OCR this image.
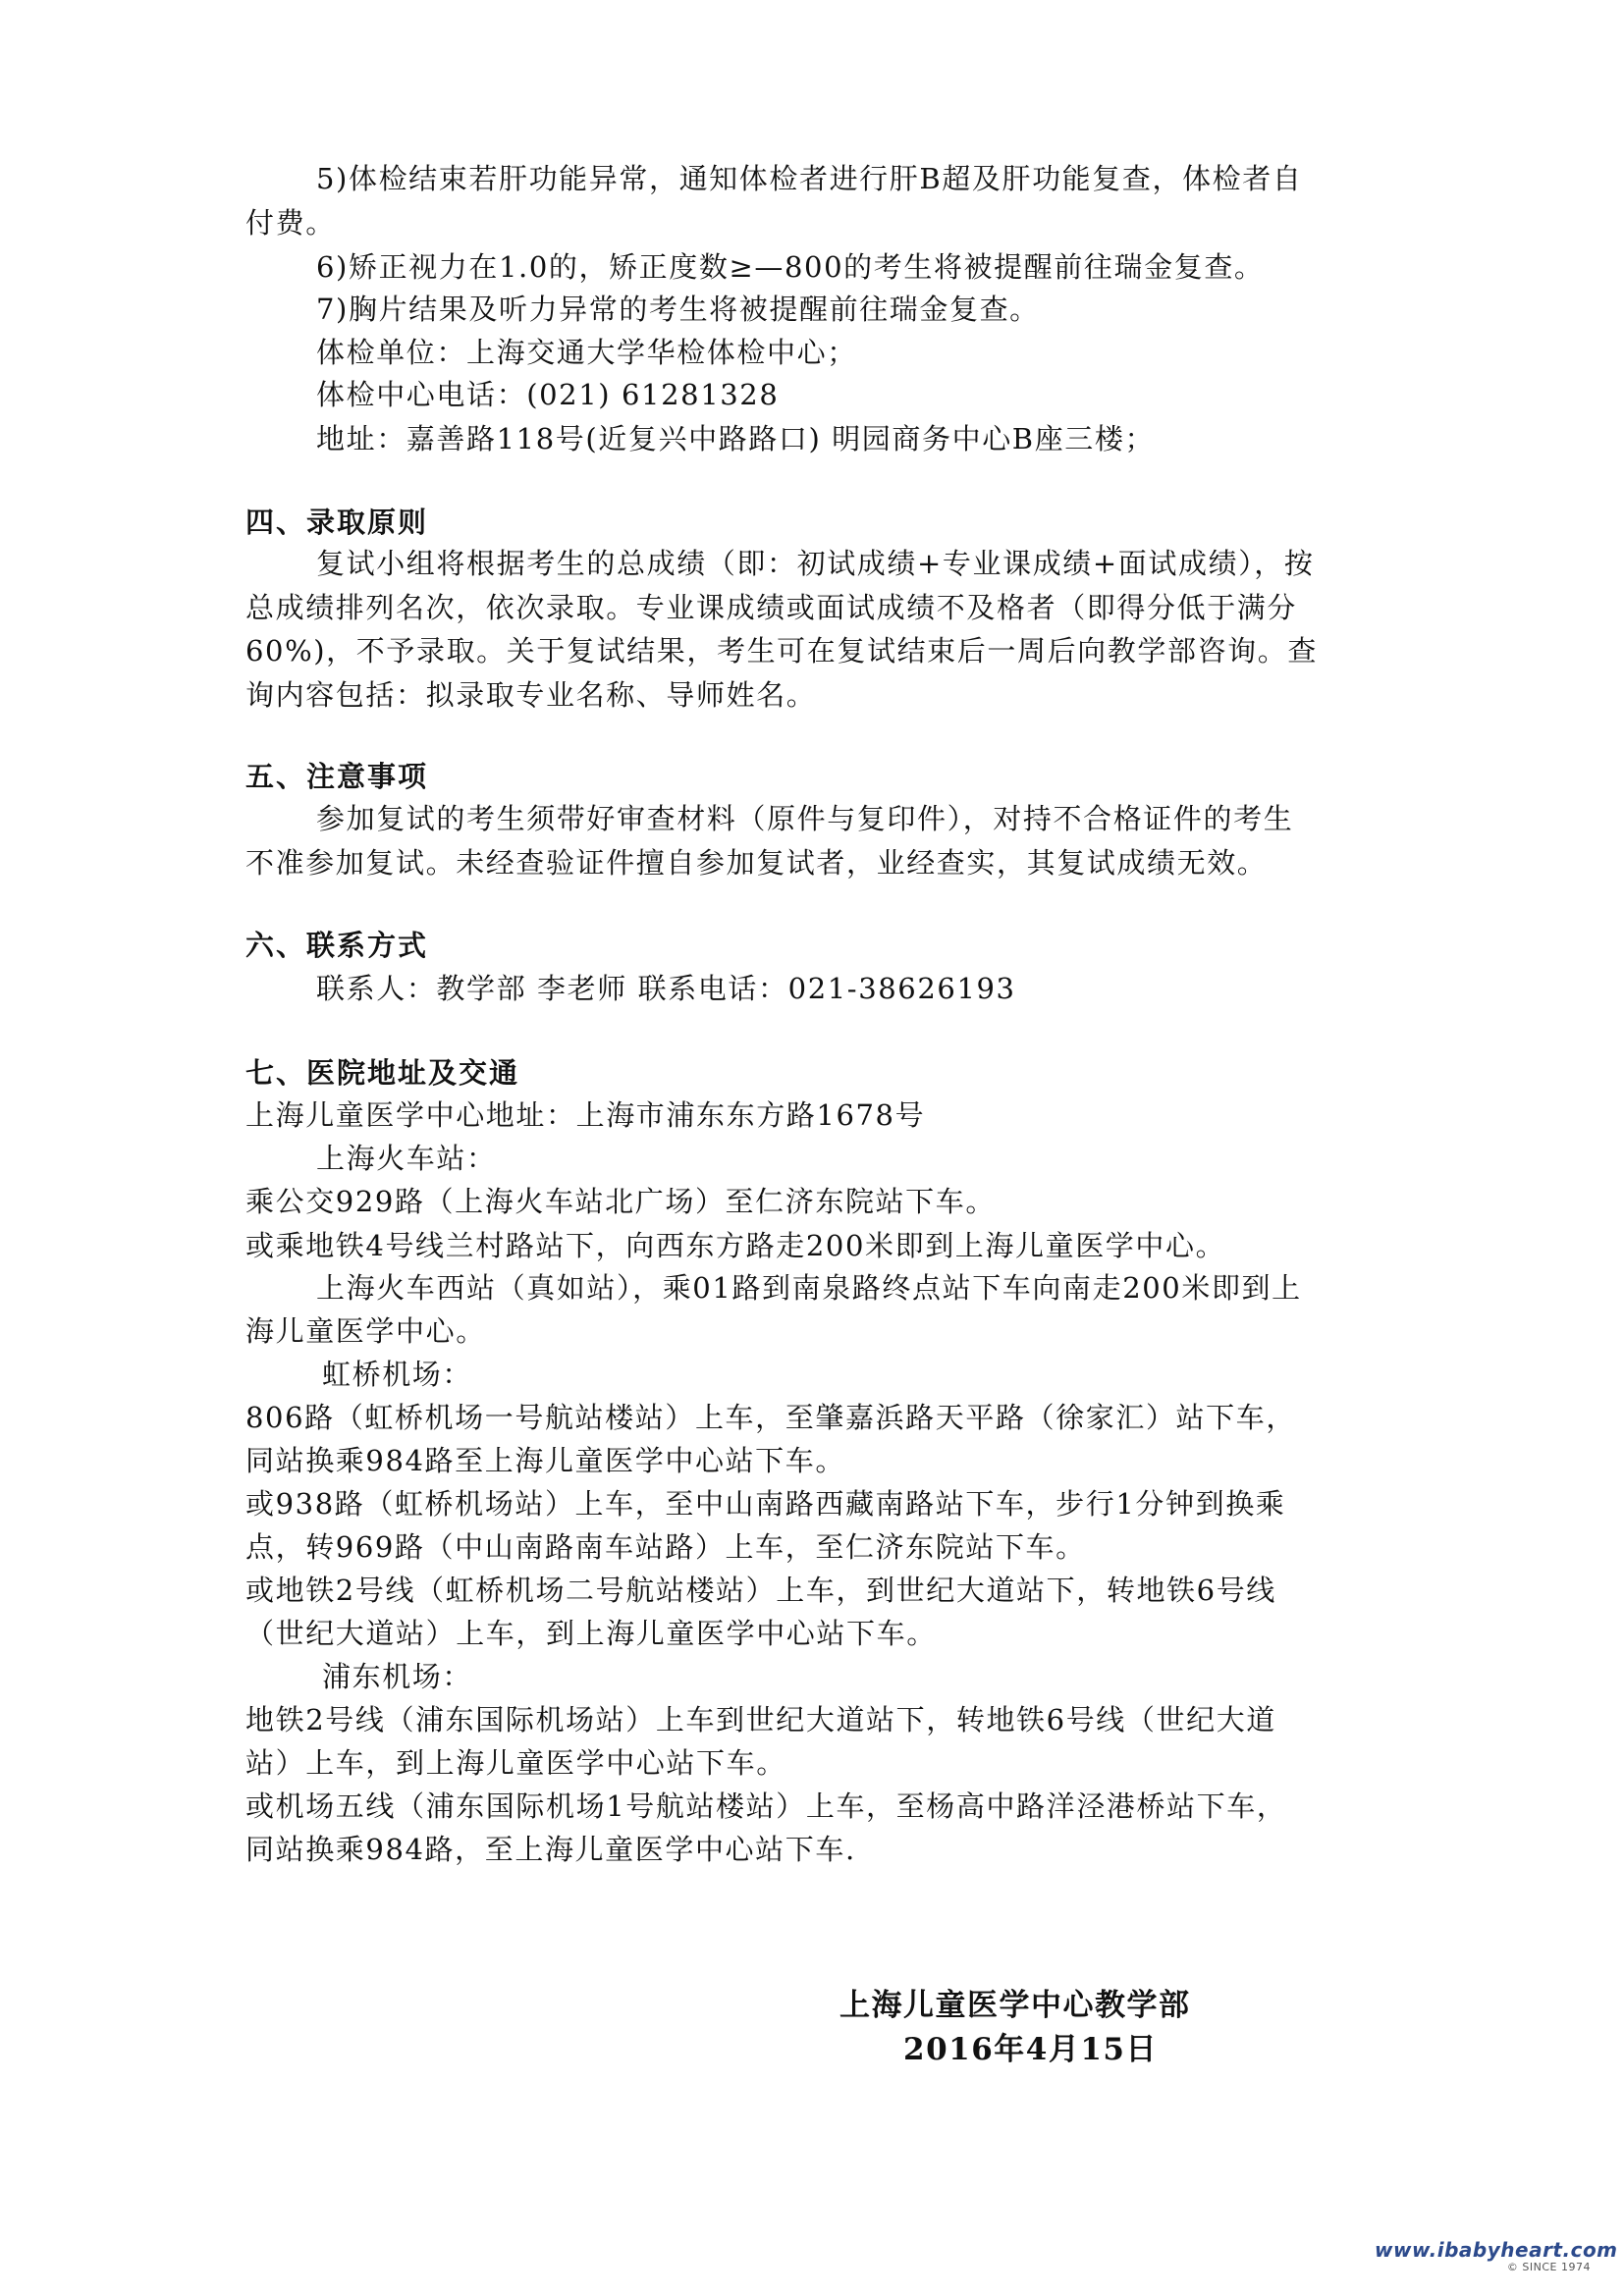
5)体检结束若肝功能异常，通知体检者进行肝B超及肝功能复查，体检者自
付费。
6)矫正视力在1.0的，矫正度数≥—800的考生将被提醒前往瑞金复查。
7)胸片结果及听力异常的考生将被提醒前往瑞金复查。
体检单位：上海交通大学华检体检中心；
体检中心电话：(021) 61281328
地址：嘉善路118号(近复兴中路路口) 明园商务中心B座三楼；
四、录取原则
复试小组将根据考生的总成绩（即：初试成绩+专业课成绩+面试成绩），按
总成绩排列名次，依次录取。专业课成绩或面试成绩不及格者（即得分低于满分
60%)，不予录取。关于复试结果，考生可在复试结束后一周后向教学部咨询。查
询内容包括：拟录取专业名称、导师姓名。
五、注意事项
参加复试的考生须带好审查材料（原件与复印件），对持不合格证件的考生
不准参加复试。未经查验证件擅自参加复试者，业经查实，其复试成绩无效。
六、联系方式
联系人：教学部 李老师 联系电话：021-38626193
七、医院地址及交通
上海儿童医学中心地址：上海市浦东东方路1678号
上海火车站：
乘公交929路（上海火车站北广场）至仁济东院站下车。
或乘地铁4号线兰村路站下，向西东方路走200米即到上海儿童医学中心。
上海火车西站（真如站），乘01路到南泉路终点站下车向南走200米即到上
海儿童医学中心。
虹桥机场：
806路（虹桥机场一号航站楼站）上车，至肇嘉浜路天平路（徐家汇）站下车，
同站换乘984路至上海儿童医学中心站下车。
或938路（虹桥机场站）上车，至中山南路西藏南路站下车，步行1分钟到换乘
点，转969路（中山南路南车站路）上车，至仁济东院站下车。
或地铁2号线（虹桥机场二号航站楼站）上车，到世纪大道站下，转地铁6号线
（世纪大道站）上车，到上海儿童医学中心站下车。
浦东机场：
地铁2号线（浦东国际机场站）上车到世纪大道站下，转地铁6号线（世纪大道
站）上车，到上海儿童医学中心站下车。
或机场五线（浦东国际机场1号航站楼站）上车，至杨高中路洋泾港桥站下车，
同站换乘984路，至上海儿童医学中心站下车.
上海儿童医学中心教学部
2016年4月15日
www.ibabyheart.com
© SINCE 1974
